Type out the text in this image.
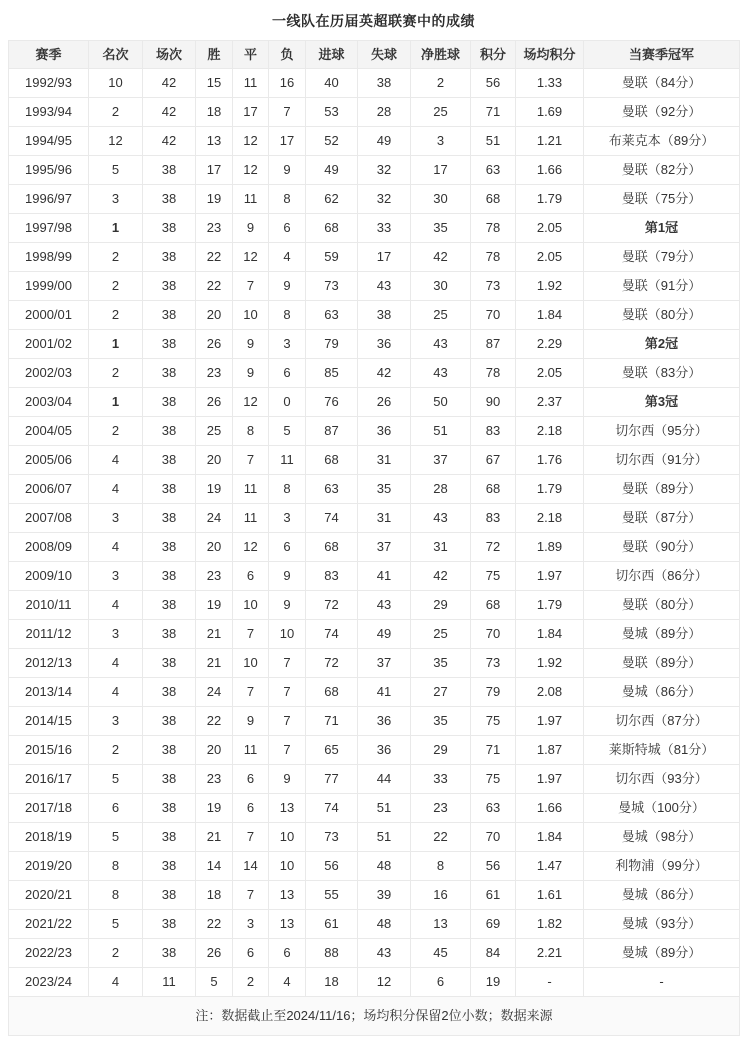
一线队在历届英超联赛中的成绩
赛季	名次	场次	胜	平	负	进球	失球	净胜球	积分	场均积分	当赛季冠军
1992/93	10	42	15	11	16	40	38	2	56	1.33	曼联（84分）
1993/94	2	42	18	17	7	53	28	25	71	1.69	曼联（92分）
1994/95	12	42	13	12	17	52	49	3	51	1.21	布莱克本（89分）
1995/96	5	38	17	12	9	49	32	17	63	1.66	曼联（82分）
1996/97	3	38	19	11	8	62	32	30	68	1.79	曼联（75分）
1997/98	1	38	23	9	6	68	33	35	78	2.05	第1冠
1998/99	2	38	22	12	4	59	17	42	78	2.05	曼联（79分）
1999/00	2	38	22	7	9	73	43	30	73	1.92	曼联（91分）
2000/01	2	38	20	10	8	63	38	25	70	1.84	曼联（80分）
2001/02	1	38	26	9	3	79	36	43	87	2.29	第2冠
2002/03	2	38	23	9	6	85	42	43	78	2.05	曼联（83分）
2003/04	1	38	26	12	0	76	26	50	90	2.37	第3冠
2004/05	2	38	25	8	5	87	36	51	83	2.18	切尔西（95分）
2005/06	4	38	20	7	11	68	31	37	67	1.76	切尔西（91分）
2006/07	4	38	19	11	8	63	35	28	68	1.79	曼联（89分）
2007/08	3	38	24	11	3	74	31	43	83	2.18	曼联（87分）
2008/09	4	38	20	12	6	68	37	31	72	1.89	曼联（90分）
2009/10	3	38	23	6	9	83	41	42	75	1.97	切尔西（86分）
2010/11	4	38	19	10	9	72	43	29	68	1.79	曼联（80分）
2011/12	3	38	21	7	10	74	49	25	70	1.84	曼城（89分）
2012/13	4	38	21	10	7	72	37	35	73	1.92	曼联（89分）
2013/14	4	38	24	7	7	68	41	27	79	2.08	曼城（86分）
2014/15	3	38	22	9	7	71	36	35	75	1.97	切尔西（87分）
2015/16	2	38	20	11	7	65	36	29	71	1.87	莱斯特城（81分）
2016/17	5	38	23	6	9	77	44	33	75	1.97	切尔西（93分）
2017/18	6	38	19	6	13	74	51	23	63	1.66	曼城（100分）
2018/19	5	38	21	7	10	73	51	22	70	1.84	曼城（98分）
2019/20	8	38	14	14	10	56	48	8	56	1.47	利物浦（99分）
2020/21	8	38	18	7	13	55	39	16	61	1.61	曼城（86分）
2021/22	5	38	22	3	13	61	48	13	69	1.82	曼城（93分）
2022/23	2	38	26	6	6	88	43	45	84	2.21	曼城（89分）
2023/24	4	11	5	2	4	18	12	6	19	-	-
注：数据截止至2024/11/16；场均积分保留2位小数；数据来源											
